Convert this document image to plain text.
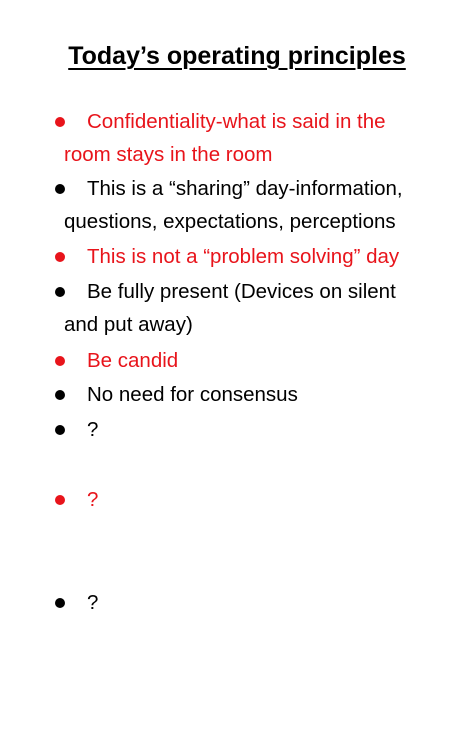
Today’s operating principles
Confidentiality-what is said in the
room stays in the room
This is a “sharing” day-information,
questions, expectations, perceptions
This is not a “problem solving” day
Be fully present (Devices on silent
and put away)
Be candid
No need for consensus
?
?
?
